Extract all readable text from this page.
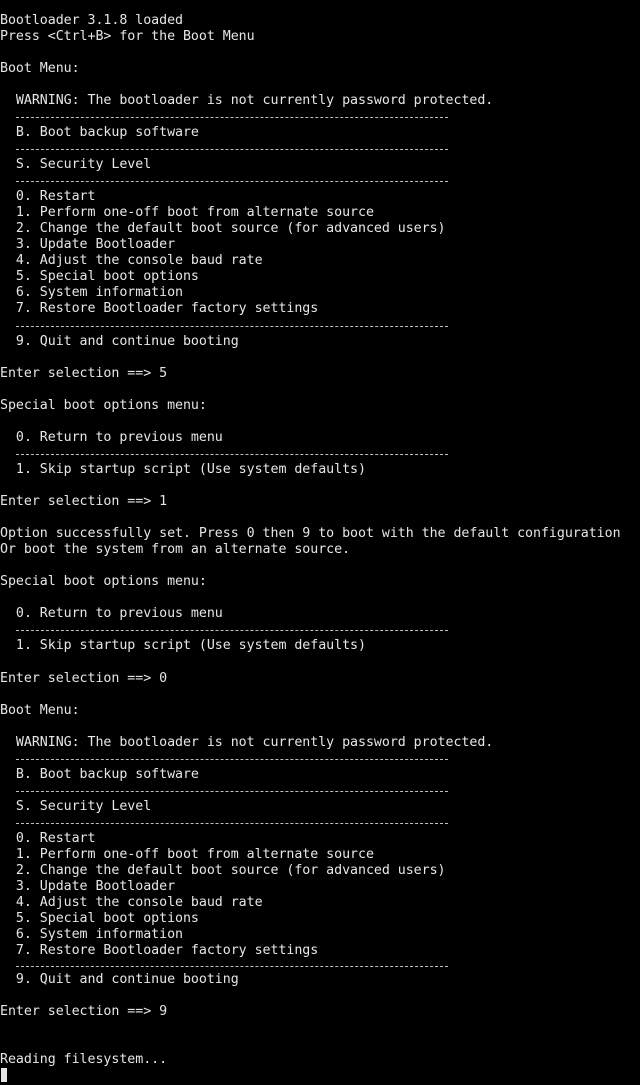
Bootloader 3.1.8 loaded
Press <Ctrl+B> for the Boot Menu
Boot Menu:
WARNING: The bootloader is not currently password protected.
B. Boot backup software
S. Security Level
0. Restart
1. Perform one-off boot from alternate source
2. Change the default boot source (for advanced users)
3. Update Bootloader
4. Adjust the console baud rate
5. Special boot options
6. System information
7. Restore Bootloader factory settings
9. Quit and continue booting
Enter selection ==> 5
Special boot options menu:
0. Return to previous menu
1. Skip startup script (Use system defaults)
Enter selection ==> 1
Option successfully set. Press 0 then 9 to boot with the default configuration
Or boot the system from an alternate source.
Special boot options menu:
0. Return to previous menu
1. Skip startup script (Use system defaults)
Enter selection ==> 0
Boot Menu:
WARNING: The bootloader is not currently password protected.
B. Boot backup software
S. Security Level
0. Restart
1. Perform one-off boot from alternate source
2. Change the default boot source (for advanced users)
3. Update Bootloader
4. Adjust the console baud rate
5. Special boot options
6. System information
7. Restore Bootloader factory settings
9. Quit and continue booting
Enter selection ==> 9
Reading filesystem...
